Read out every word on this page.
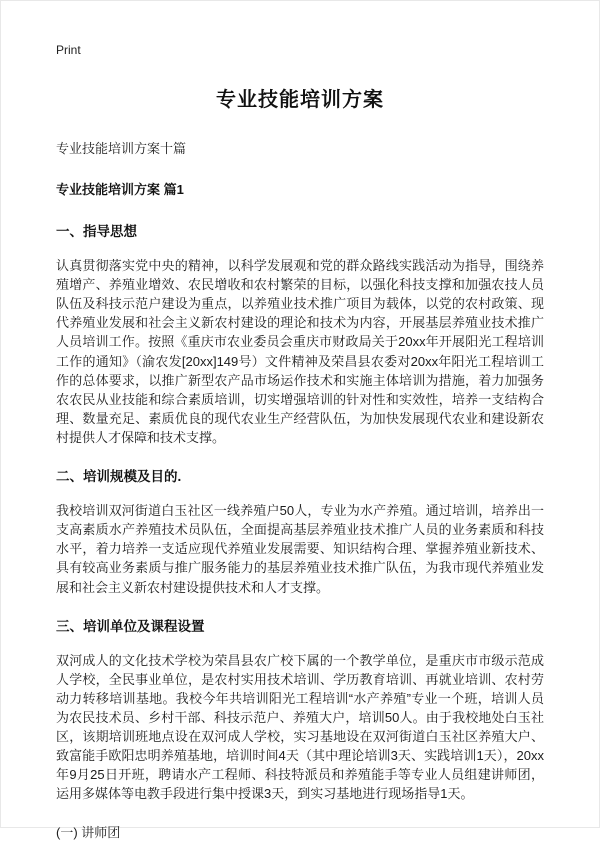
Print
专业技能培训方案

专业技能培训方案十篇

专业技能培训方案 篇1

一、指导思想

认真贯彻落实党中央的精神，以科学发展观和党的群众路线实践活动为指导，围绕养殖增产、养殖业增效、农民增收和农村繁荣的目标，以强化科技支撑和加强农技人员队伍及科技示范户建设为重点，以养殖业技术推广项目为载体，以党的农村政策、现代养殖业发展和社会主义新农村建设的理论和技术为内容，开展基层养殖业技术推广人员培训工作。按照《重庆市农业委员会重庆市财政局关于20xx年开展阳光工程培训工作的通知》（渝农发[20xx]149号）文件精神及荣昌县农委对20xx年阳光工程培训工作的总体要求，以推广新型农产品市场运作技术和实施主体培训为措施，着力加强务农农民从业技能和综合素质培训，切实增强培训的针对性和实效性，培养一支结构合理、数量充足、素质优良的现代农业生产经营队伍，为加快发展现代农业和建设新农村提供人才保障和技术支撑。

二、培训规模及目的.

我校培训双河街道白玉社区一线养殖户50人，专业为水产养殖。通过培训，培养出一支高素质水产养殖技术员队伍，全面提高基层养殖业技术推广人员的业务素质和科技水平，着力培养一支适应现代养殖业发展需要、知识结构合理、掌握养殖业新技术、具有较高业务素质与推广服务能力的基层养殖业技术推广队伍，为我市现代养殖业发展和社会主义新农村建设提供技术和人才支撑。

三、培训单位及课程设置

双河成人的文化技术学校为荣昌县农广校下属的一个教学单位，是重庆市市级示范成人学校，全民事业单位，是农村实用技术培训、学历教育培训、再就业培训、农村劳动力转移培训基地。我校今年共培训阳光工程培训“水产养殖”专业一个班，培训人员为农民技术员、乡村干部、科技示范户、养殖大户，培训50人。由于我校地处白玉社区，该期培训班地点设在双河成人学校，实习基地设在双河街道白玉社区养殖大户、致富能手欧阳忠明养殖基地，培训时间4天（其中理论培训3天、实践培训1天），20xx年9月25日开班，聘请水产工程师、科技特派员和养殖能手等专业人员组建讲师团，运用多媒体等电教手段进行集中授课3天，到实习基地进行现场指导1天。

(一) 讲师团
